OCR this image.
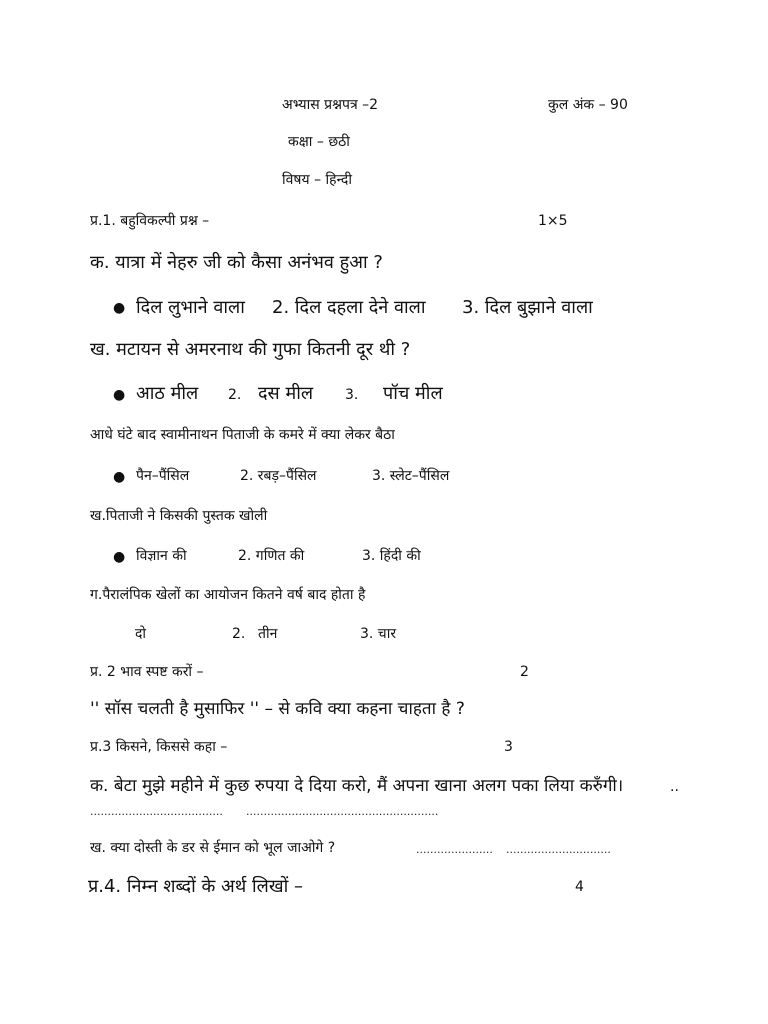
अभ्यास प्रश्नपत्र –2	कुल अंक – 90
कक्षा – छठी
विषय – हिन्दी
प्र.1. बहुविकल्पी प्रश्न –	1×5
क. यात्रा में नेहरु जी को कैसा अनंभव हुआ ?
● दिल लुभाने वाला 2. दिल दहला देने वाला 3. दिल बुझाने वाला
ख. मटायन से अमरनाथ की गुफा कितनी दूर थी ?
● आठ मील 2. दस मील 3. पॉच मील
आधे घंटे बाद स्वामीनाथन पिताजी के कमरे में क्या लेकर बैठा
● पैन–पैंसिल	2. रबड़–पैंसिल	3. स्लेट–पैंसिल
ख.पिताजी ने किसकी पुस्तक खोली
● विज्ञान की	2. गणित की	3. हिंदी की
ग.पैरालंपिक खेलों का आयोजन कितने वर्ष बाद होता है
दो	2. तीन	3. चार
प्र. 2 भाव स्पष्ट करों –	2
'' सॉस चलती है मुसाफिर '' – से कवि क्या कहना चाहता है ?
प्र.3 किसने, किससे कहा –	3
क. बेटा मुझे महीने में कुछ रुपया दे दिया करो, मैं अपना खाना अलग पका लिया करुँगी।	..
...................................... .......................................................
ख. क्या दोस्ती के डर से ईमान को भूल जाओगे ?	...................... ..............................
प्र.4. निम्न शब्दों के अर्थ लिखों –	4
